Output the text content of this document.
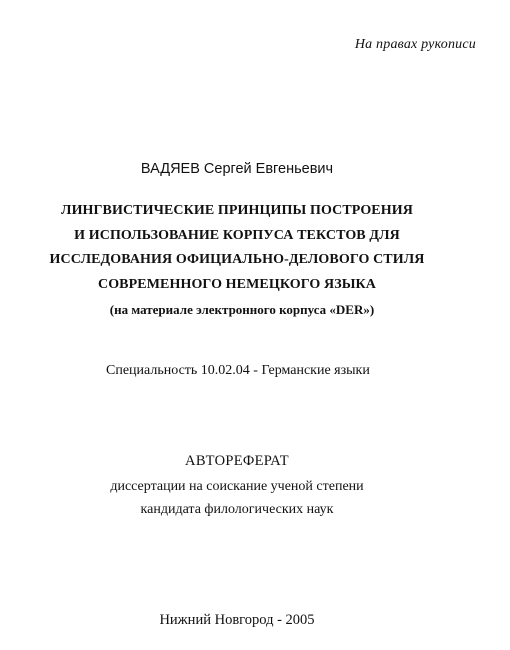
На правах рукописи
ВАДЯЕВ Сергей Евгеньевич
ЛИНГВИСТИЧЕСКИЕ ПРИНЦИПЫ ПОСТРОЕНИЯ
И ИСПОЛЬЗОВАНИЕ КОРПУСА ТЕКСТОВ ДЛЯ
ИССЛЕДОВАНИЯ ОФИЦИАЛЬНО-ДЕЛОВОГО СТИЛЯ
СОВРЕМЕННОГО НЕМЕЦКОГО ЯЗЫКА
(на материале электронного корпуса «DER»)
Специальность 10.02.04 - Германские языки
АВТОРЕФЕРАТ
диссертации на соискание ученой степени
кандидата филологических наук
Нижний Новгород - 2005
